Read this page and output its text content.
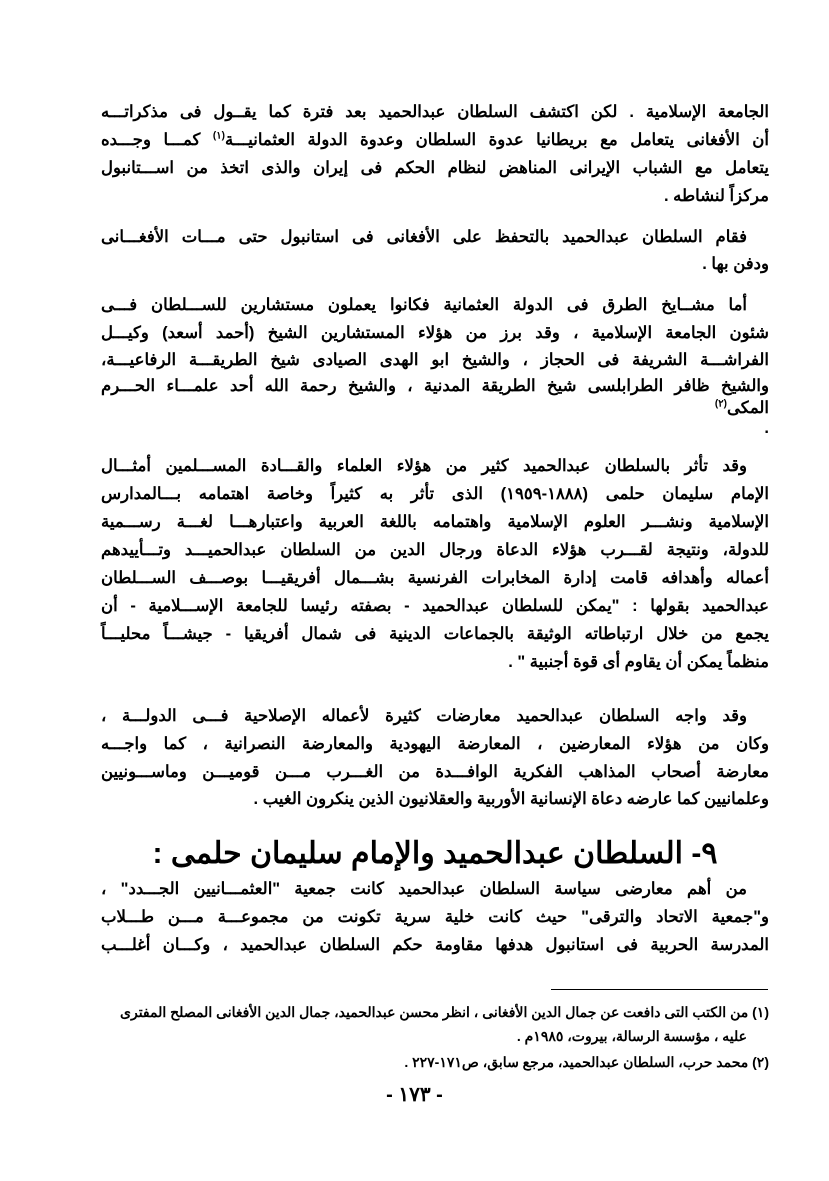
الجامعة الإسلامية . لكن اكتشف السلطان عبدالحميد بعد فترة كما يقــول فى مذكراتـــه
أن الأفغانى يتعامل مع بريطانيا عدوة السلطان وعدوة الدولة العثمانيـــة$^{(١)}$ كمـــا وجـــده
يتعامل مع الشباب الإيرانى المناهض لنظام الحكم فى إيران والذى اتخذ من اســـتانبول
مركزاً لنشاطه .
فقام السلطان عبدالحميد بالتحفظ على الأفغانى فى استانبول حتى مـــات الأفغـــانى
ودفن بها .
أما مشــايخ الطرق فى الدولة العثمانية فكانوا يعملون مستشارين للســـلطان فـــى
شئون الجامعة الإسلامية ، وقد برز من هؤلاء المستشارين الشيخ (أحمد أسعد) وكيـــل
الفراشـــة الشريفة فى الحجاز ، والشيخ ابو الهدى الصيادى شيخ الطريقـــة الرفاعيـــة،
والشيخ ظافر الطرابلسى شيخ الطريقة المدنية ، والشيخ رحمة الله أحد علمـــاء الحـــرم
المكى$^{(٢)}$
.
وقد تأثر بالسلطان عبدالحميد كثير من هؤلاء العلماء والقـــادة المســـلمين أمثـــال
الإمام سليمان حلمى (١٨٨٨-١٩٥٩) الذى تأثر به كثيراً وخاصة اهتمامه بـــالمدارس
الإسلامية ونشـــر العلوم الإسلامية واهتمامه باللغة العربية واعتبارهـــا لغـــة رســـمية
للدولة، ونتيجة لقـــرب هؤلاء الدعاة ورجال الدين من السلطان عبدالحميـــد وتـــأييدهم
أعماله وأهدافه قامت إدارة المخابرات الفرنسية بشـــمال أفريقيـــا بوصـــف الســـلطان
عبدالحميد بقولها : "يمكن للسلطان عبدالحميد - بصفته رئيسا للجامعة الإســـلامية - أن
يجمع من خلال ارتباطاته الوثيقة بالجماعات الدينية فى شمال أفريقيا - جيشـــاً محليـــاً
منظماً يمكن أن يقاوم أى قوة أجنبية " .
وقد واجه السلطان عبدالحميد معارضات كثيرة لأعماله الإصلاحية فـــى الدولـــة ،
وكان من هؤلاء المعارضين ، المعارضة اليهودية والمعارضة النصرانية ، كما واجـــه
معارضة أصحاب المذاهب الفكرية الوافـــدة من الغـــرب مـــن قوميـــن وماســـونيين
وعلمانيين كما عارضه دعاة الإنسانية الأوربية والعقلانيون الذين ينكرون الغيب .
٩- السلطان عبدالحميد والإمام سليمان حلمى :
من أهم معارضى سياسة السلطان عبدالحميد كانت جمعية "العثمـــانيين الجـــدد" ،
و"جمعية الاتحاد والترقى" حيث كانت خلية سرية تكونت من مجموعـــة مـــن طـــلاب
المدرسة الحربية فى استانبول هدفها مقاومة حكم السلطان عبدالحميد ، وكـــان أغلـــب
(١) من الكتب التى دافعت عن جمال الدين الأفغانى ، انظر محسن عبدالحميد، جمال الدين الأفغانى المصلح المفترى
عليه ، مؤسسة الرسالة، بيروت، ١٩٨٥م .
(٢) محمد حرب، السلطان عبدالحميد، مرجع سابق، ص١٧١-٢٢٧ .
- ١٧٣ -
